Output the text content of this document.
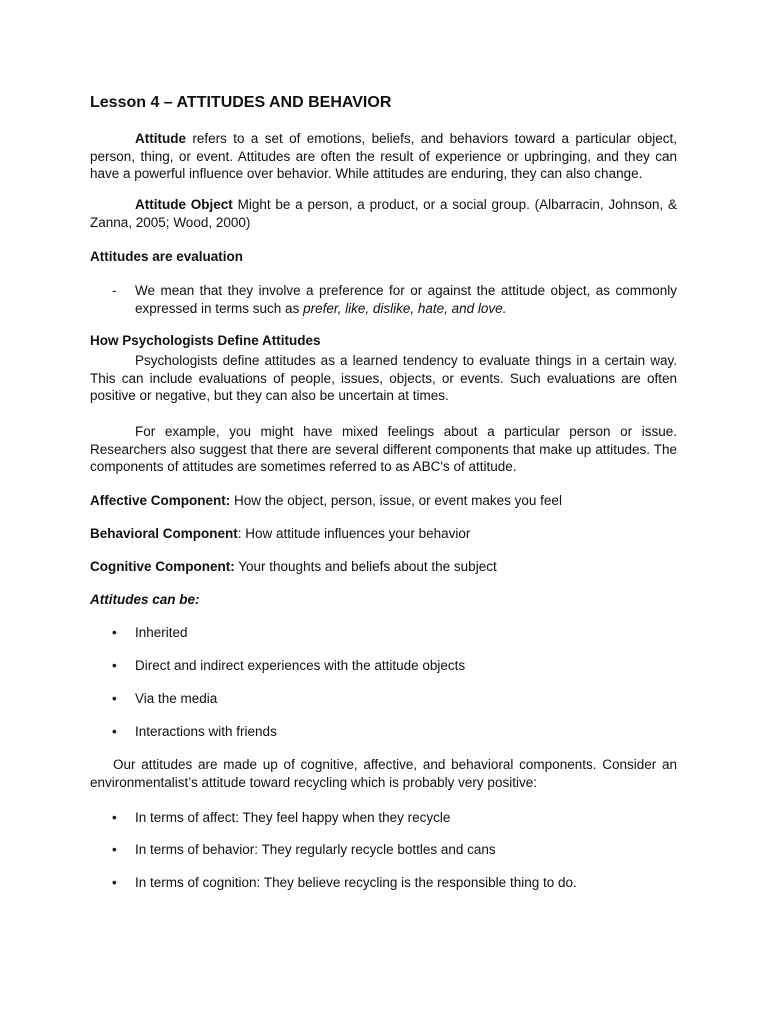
Lesson 4 – ATTITUDES AND BEHAVIOR
Attitude refers to a set of emotions, beliefs, and behaviors toward a particular object, person, thing, or event. Attitudes are often the result of experience or upbringing, and they can have a powerful influence over behavior. While attitudes are enduring, they can also change.
Attitude Object Might be a person, a product, or a social group. (Albarracin, Johnson, & Zanna, 2005; Wood, 2000)
Attitudes are evaluation
- We mean that they involve a preference for or against the attitude object, as commonly expressed in terms such as prefer, like, dislike, hate, and love.
How Psychologists Define Attitudes
Psychologists define attitudes as a learned tendency to evaluate things in a certain way. This can include evaluations of people, issues, objects, or events. Such evaluations are often positive or negative, but they can also be uncertain at times.
For example, you might have mixed feelings about a particular person or issue. Researchers also suggest that there are several different components that make up attitudes. The components of attitudes are sometimes referred to as ABC's of attitude.
Affective Component: How the object, person, issue, or event makes you feel
Behavioral Component: How attitude influences your behavior
Cognitive Component: Your thoughts and beliefs about the subject
Attitudes can be:
• Inherited
• Direct and indirect experiences with the attitude objects
• Via the media
• Interactions with friends
Our attitudes are made up of cognitive, affective, and behavioral components. Consider an environmentalist’s attitude toward recycling which is probably very positive:
• In terms of affect: They feel happy when they recycle
• In terms of behavior: They regularly recycle bottles and cans
• In terms of cognition: They believe recycling is the responsible thing to do.
